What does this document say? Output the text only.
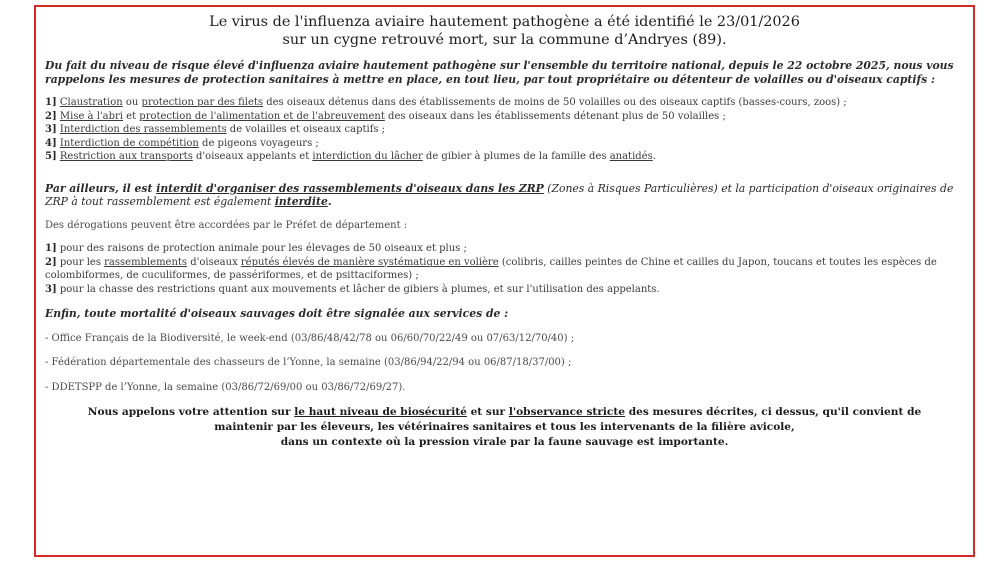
Le virus de l'influenza aviaire hautement pathogène a été identifié le 23/01/2026
sur un cygne retrouvé mort, sur la commune d’Andryes (89).

Du fait du niveau de risque élevé d'influenza aviaire hautement pathogène sur l'ensemble du territoire national, depuis le 22 octobre 2025, nous vous rappelons les mesures de protection sanitaires à mettre en place, en tout lieu, par tout propriétaire ou détenteur de volailles ou d'oiseaux captifs :

1] Claustration ou protection par des filets des oiseaux détenus dans des établissements de moins de 50 volailles ou des oiseaux captifs (basses-cours, zoos) ;
2] Mise à l'abri et protection de l'alimentation et de l'abreuvement des oiseaux dans les établissements détenant plus de 50 volailles ;
3] Interdiction des rassemblements de volailles et oiseaux captifs ;
4] Interdiction de compétition de pigeons voyageurs ;
5] Restriction aux transports d'oiseaux appelants et interdiction du lâcher de gibier à plumes de la famille des anatidés.

Par ailleurs, il est interdit d'organiser des rassemblements d'oiseaux dans les ZRP (Zones à Risques Particulières) et la participation d'oiseaux originaires de ZRP à tout rassemblement est également interdite.

Des dérogations peuvent être accordées par le Préfet de département :

1] pour des raisons de protection animale pour les élevages de 50 oiseaux et plus ;
2] pour les rassemblements d'oiseaux réputés élevés de manière systématique en volière (colibris, cailles peintes de Chine et cailles du Japon, toucans et toutes les espèces de colombiformes, de cuculiformes, de passériformes, et de psittaciformes) ;
3] pour la chasse des restrictions quant aux mouvements et lâcher de gibiers à plumes, et sur l'utilisation des appelants.

Enfin, toute mortalité d'oiseaux sauvages doit être signalée aux services de :

- Office Français de la Biodiversité, le week-end (03/86/48/42/78 ou 06/60/70/22/49 ou 07/63/12/70/40) ;

- Fédération départementale des chasseurs de l’Yonne, la semaine (03/86/94/22/94 ou 06/87/18/37/00) ;

- DDETSPP de l’Yonne, la semaine (03/86/72/69/00 ou 03/86/72/69/27).

Nous appelons votre attention sur le haut niveau de biosécurité et sur l'observance stricte des mesures décrites, ci dessus, qu'il convient de
maintenir par les éleveurs, les vétérinaires sanitaires et tous les intervenants de la filière avicole,
dans un contexte où la pression virale par la faune sauvage est importante.
